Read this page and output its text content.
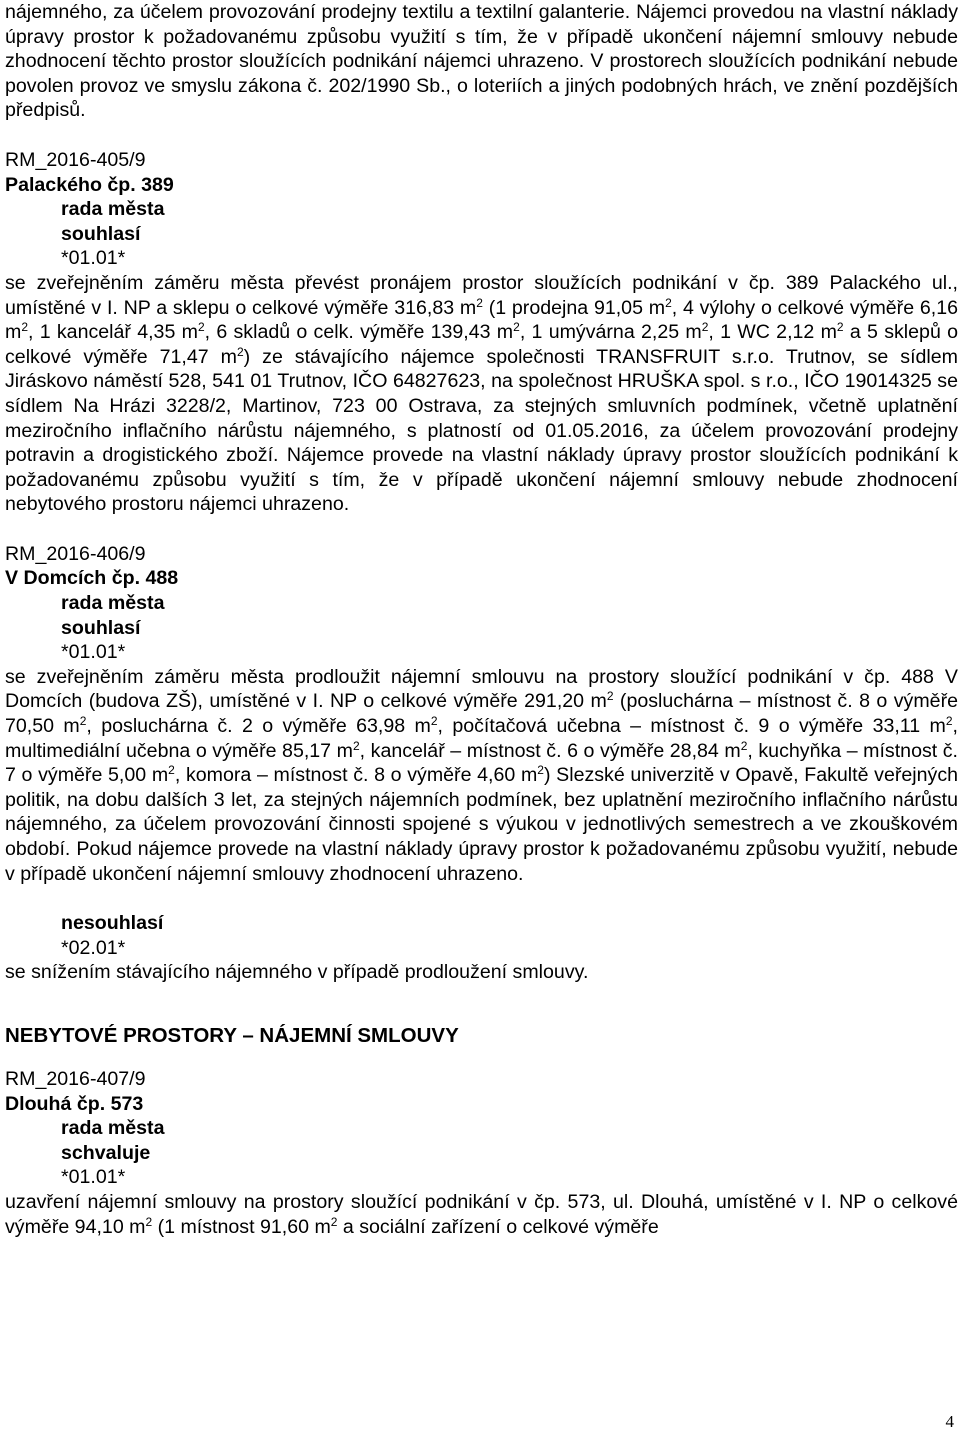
nájemného, za účelem provozování prodejny textilu a textilní galanterie. Nájemci provedou na vlastní náklady úpravy prostor k požadovanému způsobu využití s tím, že v případě ukončení nájemní smlouvy nebude zhodnocení těchto prostor sloužících podnikání nájemci uhrazeno. V prostorech sloužících podnikání nebude povolen provoz ve smyslu zákona č. 202/1990 Sb., o loteriích a jiných podobných hrách, ve znění pozdějších předpisů.

RM_2016-405/9
Palackého čp. 389
rada města
souhlasí
*01.01*

se zveřejněním záměru města převést pronájem prostor sloužících podnikání v čp. 389 Palackého ul., umístěné v I. NP a sklepu o celkové výměře 316,83 $m^2$ (1 prodejna 91,05 $m^2$, 4 výlohy o celkové výměře 6,16 $m^2$, 1 kancelář 4,35 $m^2$, 6 skladů o celk. výměře 139,43 $m^2$, 1 umývárna 2,25 $m^2$, 1 WC 2,12 $m^2$ a 5 sklepů o celkové výměře 71,47 $m^2$) ze stávajícího nájemce společnosti TRANSFRUIT s.r.o. Trutnov, se sídlem Jiráskovo náměstí 528, 541 01 Trutnov, IČO 64827623, na společnost HRUŠKA spol. s r.o., IČO 19014325 se sídlem Na Hrázi 3228/2, Martinov, 723 00 Ostrava, za stejných smluvních podmínek, včetně uplatnění meziročního inflačního nárůstu nájemného, s platností od 01.05.2016, za účelem provozování prodejny potravin a drogistického zboží. Nájemce provede na vlastní náklady úpravy prostor sloužících podnikání k požadovanému způsobu využití s tím, že v případě ukončení nájemní smlouvy nebude zhodnocení nebytového prostoru nájemci uhrazeno.

RM_2016-406/9
V Domcích čp. 488
rada města
souhlasí
*01.01*

se zveřejněním záměru města prodloužit nájemní smlouvu na prostory sloužící podnikání v čp. 488 V Domcích (budova ZŠ), umístěné v I. NP o celkové výměře 291,20 $m^2$ (posluchárna – místnost č. 8 o výměře 70,50 $m^2$, posluchárna č. 2 o výměře 63,98 $m^2$, počítačová učebna – místnost č. 9 o výměře 33,11 $m^2$, multimediální učebna o výměře 85,17 $m^2$, kancelář – místnost č. 6 o výměře 28,84 $m^2$, kuchyňka – místnost č. 7 o výměře 5,00 $m^2$, komora – místnost č. 8 o výměře 4,60 $m^2$) Slezské univerzitě v Opavě, Fakultě veřejných politik, na dobu dalších 3 let, za stejných nájemních podmínek, bez uplatnění meziročního inflačního nárůstu nájemného, za účelem provozování činnosti spojené s výukou v jednotlivých semestrech a ve zkouškovém období. Pokud nájemce provede na vlastní náklady úpravy prostor k požadovanému způsobu využití, nebude v případě ukončení nájemní smlouvy zhodnocení uhrazeno.

nesouhlasí
*02.01*

se snížením stávajícího nájemného v případě prodloužení smlouvy.

NEBYTOVÉ PROSTORY – NÁJEMNÍ SMLOUVY
RM_2016-407/9
Dlouhá čp. 573
rada města
schvaluje
*01.01*

uzavření nájemní smlouvy na prostory sloužící podnikání v čp. 573, ul. Dlouhá, umístěné v I. NP o celkové výměře 94,10 $m^2$ (1 místnost 91,60 $m^2$ a sociální zařízení o celkové výměře

4
